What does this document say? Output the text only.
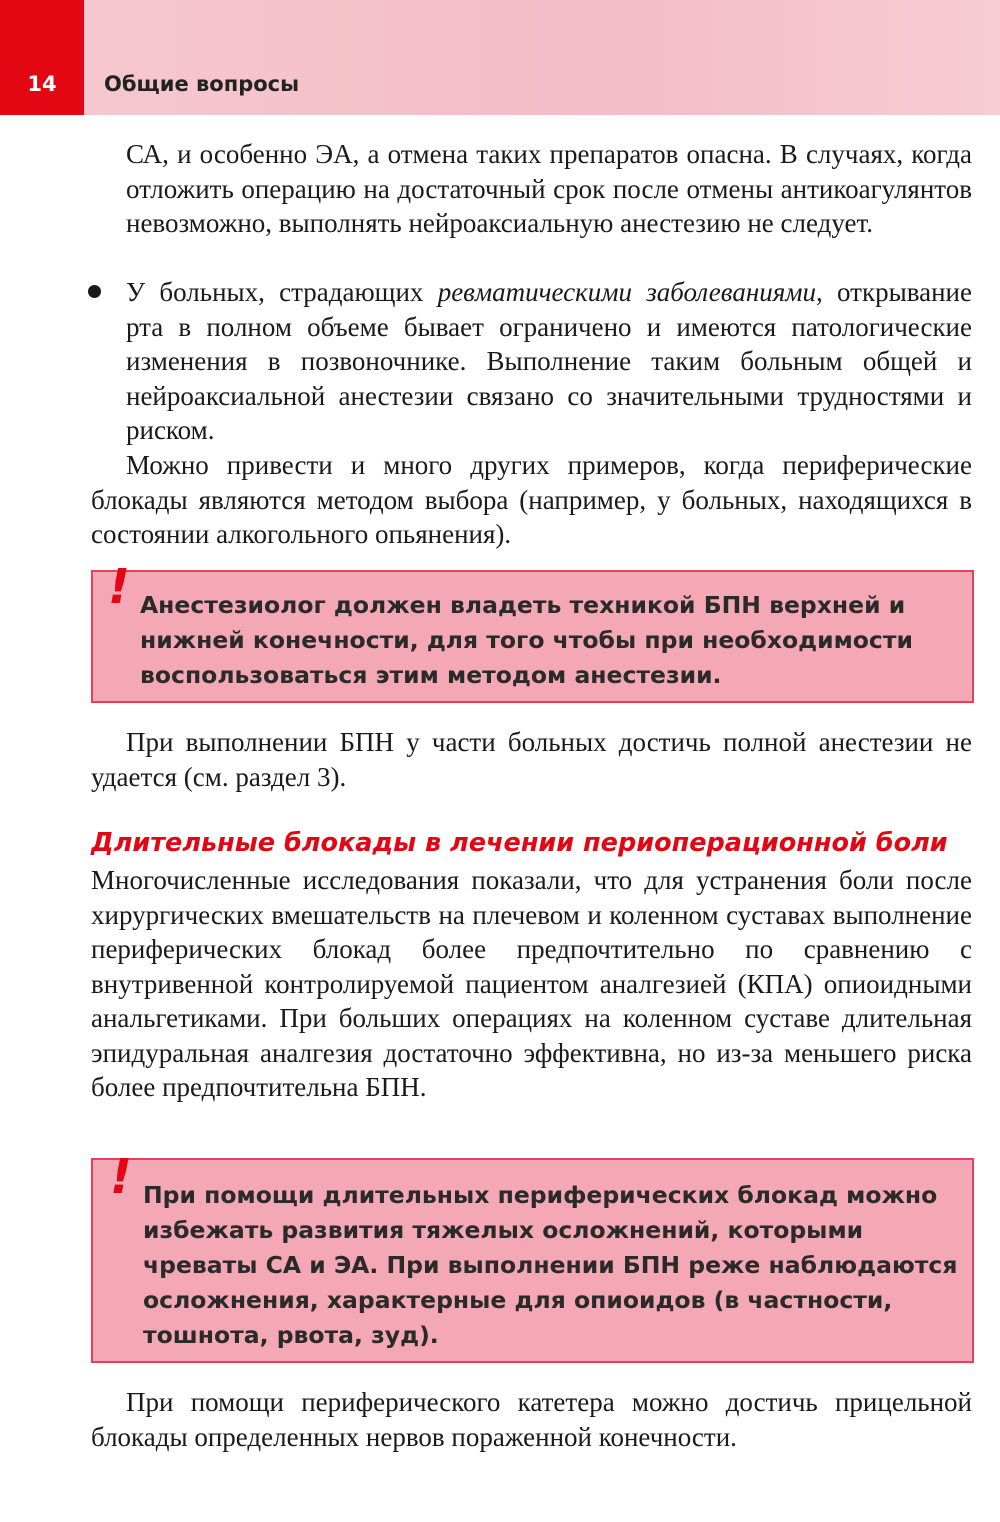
14	Общие вопросы

СА, и особенно ЭА, а отмена таких препаратов опасна. В случаях, когда отложить операцию на достаточный срок после отмены антикоагулянтов невозможно, выполнять нейроаксиальную анестезию не следует.

У больных, страдающих ревматическими заболеваниями, открывание рта в полном объеме бывает ограничено и имеются патологические изменения в позвоночнике. Выполнение таким больным общей и нейроаксиальной анестезии связано со значительными трудностями и риском.

Можно привести и много других примеров, когда периферические блокады являются методом выбора (например, у больных, находящихся в состоянии алкогольного опьянения).

! Анестезиолог должен владеть техникой БПН верхней и нижней конечности, для того чтобы при необходимости воспользоваться этим методом анестезии.

При выполнении БПН у части больных достичь полной анестезии не удается (см. раздел 3).

Длительные блокады в лечении периоперационной боли

Многочисленные исследования показали, что для устранения боли после хирургических вмешательств на плечевом и коленном суставах выполнение периферических блокад более предпочтительно по сравнению с внутривенной контролируемой пациентом аналгезией (КПА) опиоидными анальгетиками. При больших операциях на коленном суставе длительная эпидуральная аналгезия достаточно эффективна, но из-за меньшего риска более предпочтительна БПН.

! При помощи длительных периферических блокад можно избежать развития тяжелых осложнений, которыми чреваты СА и ЭА. При выполнении БПН реже наблюдаются осложнения, характерные для опиоидов (в частности, тошнота, рвота, зуд).

При помощи периферического катетера можно достичь прицельной блокады определенных нервов пораженной конечности.
